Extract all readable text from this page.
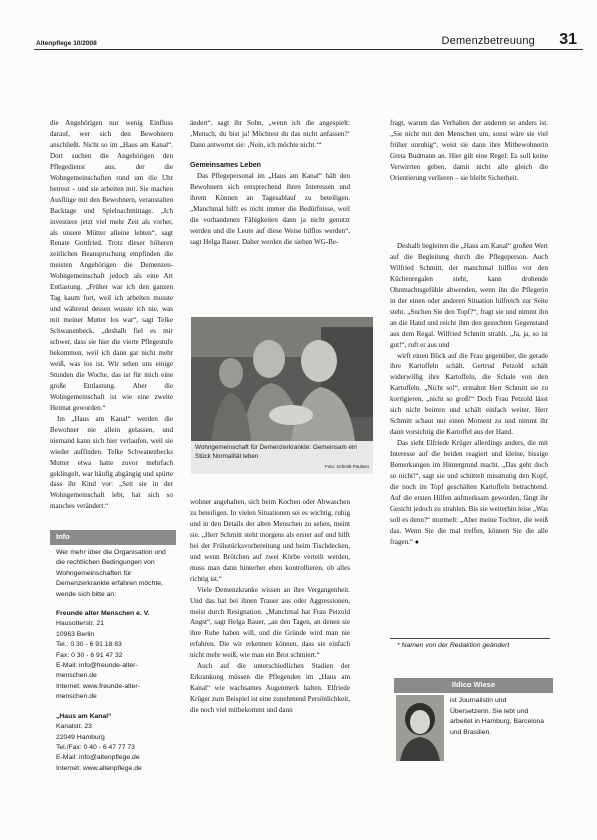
Altenpflege 10/2008	Demenzbetreuung 31

die Angehörigen nur wenig Einfluss darauf, wer sich den Bewohnern anschließt. Nicht so im „Haus am Kanal“. Dort suchen die Angehörigen den Pflegedienst aus, der die Wohngemeinschaften rund um die Uhr betreut – und sie arbeiten mit. Sie machen Ausflüge mit den Bewohnern, veranstalten Backtage und Spielnachmittage. „Ich investiere jetzt viel mehr Zeit als vorher, als unsere Mütter alleine lebten“, sagt Renate Gottfried. Trotz dieser höheren zeitlichen Beanspruchung empfinden die meisten Angehörigen die Demenzen-Wohngemeinschaft jedoch als eine Art Entlastung. „Früher war ich den ganzen Tag kaum fort, weil ich arbeiten musste und während dessen wusste ich nie, was mit meiner Mutter los war“, sagt Telke Schwanenbeck, „deshalb fiel es mir schwer, dass sie hier die vierte Pflegestufe bekommen, weil ich dann gar nicht mehr weiß, was los ist. Wir sehen uns einige Stunden die Woche, das ist für mich eine große Entlastung. Aber die Wohngemeinschaft ist wie eine zweite Heimat geworden.“

Im „Haus am Kanal“ werden die Bewohner nie allein gelassen, und niemand kann sich hier verlaufen, weil sie wieder auffinden. Telke Schwanenbecks Mutter etwa hatte zuvor mehrfach geklingelt, war häufig abgängig und spürte dass ihr Kind vor: „Seit sie in der Wohngemeinschaft lebt, hat sich so manches verändert.“

ändert“, sagt ihr Sohn, „wenn ich die angespielt: ‚Mensch, du bist ja! Möchtest du das nicht anfassen?‘ Dann antwortet sie: ‚Nein, ich möchte nicht.‘“

Gemeinsames Leben

Das Pflegepersonal im „Haus am Kanal“ hält den Bewohnern sich entsprechend ihren Interessen und ihrem Können an Tagesablauf zu beteiligen. „Manchmal hilft es nicht immer die Bedürfnisse, weil die vorhandenen Fähigkeiten dann ja nicht genutzt werden und die Leute auf diese Weise hilflos werden“, sagt Helga Bauer. Daher werden die sieben WG-Be-

Wohngemeinschaft für Demenzerkrankte: Gemeinsam ein Stück Normalität leben
Foto: Schmitt Paulsen

wohner angehalten, sich beim Kochen oder Abwaschen zu beteiligen. In vielen Situationen sei es wichtig, ruhig und in den Details der alten Menschen zu sehen, meint sie. „Herr Schmitt steht morgens als erster auf und hilft bei der Frühstücksvorbereitung und beim Tischdecken, und wenn Brötchen auf zwei Körbe verteilt werden, muss man dann hinterher eben kontrollieren, ob alles richtig ist.“

Viele Demenzkranke wissen an ihre Vergangenheit. Und das hat bei ihnen Trauer aus oder Aggressionen, meist durch Resignation. „Manchmal hat Frau Petzold Angst“, sagt Helga Bauer, „an den Tagen, an denen sie ihre Ruhe haben will, und die Gründe wird man nie erfahren. Die wir erkennen können, dass sie einfach nicht mehr weiß, wie man ein Brot schmiert.“

Auch auf die unterschiedlichen Stadien der Erkrankung müssen die Pflegenden im „Haus am Kanal“ wie wachsames Augenmerk halten. Elfriede Krüger zum Beispiel ist eine zunehmend Persönlichkeit, die noch viel mitbekommt und dann

fragt, warum das Verhalten der anderen so anders ist. „Sie nicht mit den Menschen um, sonst wäre sie viel früher unruhig“, weist sie dann ihre Mitbewohnerin Greta Budmann an. Hier gilt eine Regel: Es soll keine Verwirrten geben, damit nicht alle gleich die Orientierung verlieren – sie bleibt Sicherheit.

Deshalb begleiten die „Haus am Kanal“ großen Wert auf die Begleitung durch die Pflegeperson. Auch Wilfried Schmitt, der manchmal hilflos vor den Küchenregalen steht, kann drohende Ohnmachtsgefühle abwenden, wenn ihn die Pflegerin in der einen oder anderen Situation hilfreich zur Seite steht. „Suchen Sie den Topf?“, fragt sie und nimmt ihn an die Hand und reicht ihm den gesuchten Gegenstand aus dem Regal. Wilfried Schmitt strahlt. „Ja, ja, so ist gut!“, ruft er aus und

wirft einen Blick auf die Frau gegenüber, die gerade ihre Kartoffeln schält. Gertrud Petzold schält widerwillig ihre Kartoffeln, die Schale von den Kartoffeln. „Nicht so!“, ermahnt Herr Schmitt sie zu korrigieren, „nicht so groß!“ Doch Frau Petzold lässt sich nicht beirren und schält einfach weiter. Herr Schmitt schaut nur einen Moment zu und nimmt ihr dann vorsichtig die Kartoffel aus der Hand.

Das sieht Elfriede Krüger allerdings anders, die mit Interesse auf die beiden reagiert und kleine, bissige Bemerkungen im Hintergrund macht. „Das geht doch so nicht!“, sagt sie und schüttelt missmutig den Kopf, die noch im Topf geschälten Kartoffeln betrachtend. Auf die ersten Hilfen aufmerksam geworden, fängt ihr Gesicht jedoch zu strahlen. Bis sie weiterhin leise „Was soll es denn?“ murmelt: „Aber meine Tochter, die weiß das. Wenn Sie die mal treffen, können Sie die alle fragen.“ ●

* Namen von der Redaktion geändert
Info

Wer mehr über die Organisation und die rechtlichen Bedingungen von Wohngemeinschaften für Demenzerkrankte erfahren möchte, wende sich bitte an:

Freunde alter Menschen e. V.
Hausotterstr. 21
10963 Berlin
Tel.: 0 30 - 6 91 18 83
Fax: 0 30 - 6 91 47 32
E-Mail: info@freunde-alter-menschen.de
Internet: www.freunde-alter-menschen.de
„Haus am Kanal“
Kanalstr. 23
22049 Hamburg
Tel./Fax: 0 40 - 6 47 77 73
E-Mail: info@altenpflege.de
Internet: www.altenpflege.de
Ildico Wiese
ist Journalistin und Übersetzerin. Sie lebt und arbeitet in Hamburg, Barcelona und Brasilien.
